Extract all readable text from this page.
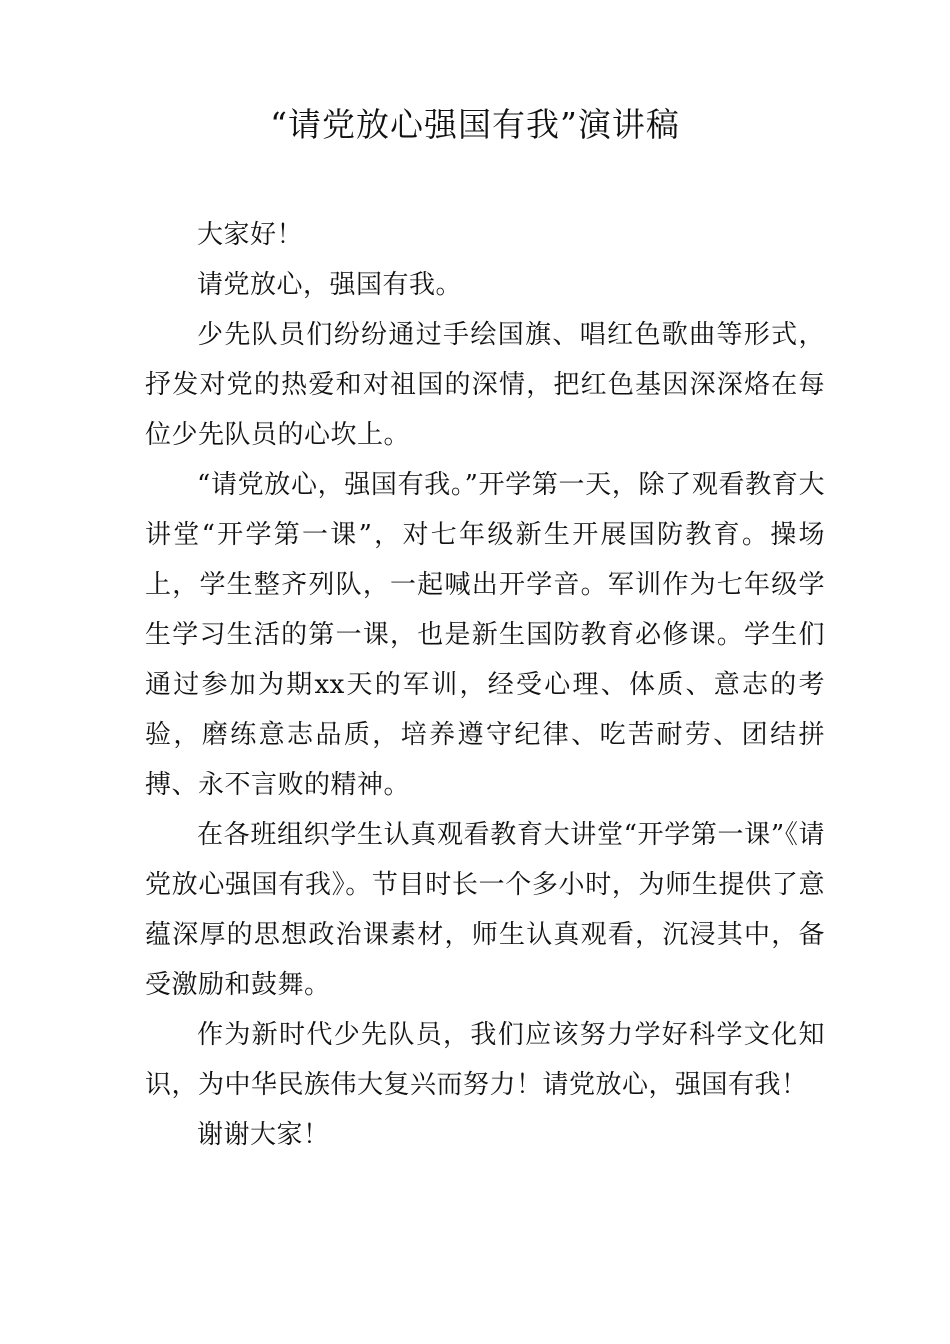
“请党放心强国有我”演讲稿

大家好！

请党放心，强国有我。

少先队员们纷纷通过手绘国旗、唱红色歌曲等形式，抒发对党的热爱和对祖国的深情，把红色基因深深烙在每位少先队员的心坎上。

“请党放心，强国有我。”开学第一天，除了观看教育大讲堂“开学第一课”，对七年级新生开展国防教育。操场上，学生整齐列队，一起喊出开学音。军训作为七年级学生学习生活的第一课，也是新生国防教育必修课。学生们通过参加为期xx天的军训，经受心理、体质、意志的考验，磨练意志品质，培养遵守纪律、吃苦耐劳、团结拼搏、永不言败的精神。

在各班组织学生认真观看教育大讲堂“开学第一课”《请党放心强国有我》。节目时长一个多小时，为师生提供了意蕴深厚的思想政治课素材，师生认真观看，沉浸其中，备受激励和鼓舞。

作为新时代少先队员，我们应该努力学好科学文化知识，为中华民族伟大复兴而努力！请党放心，强国有我！

谢谢大家！
